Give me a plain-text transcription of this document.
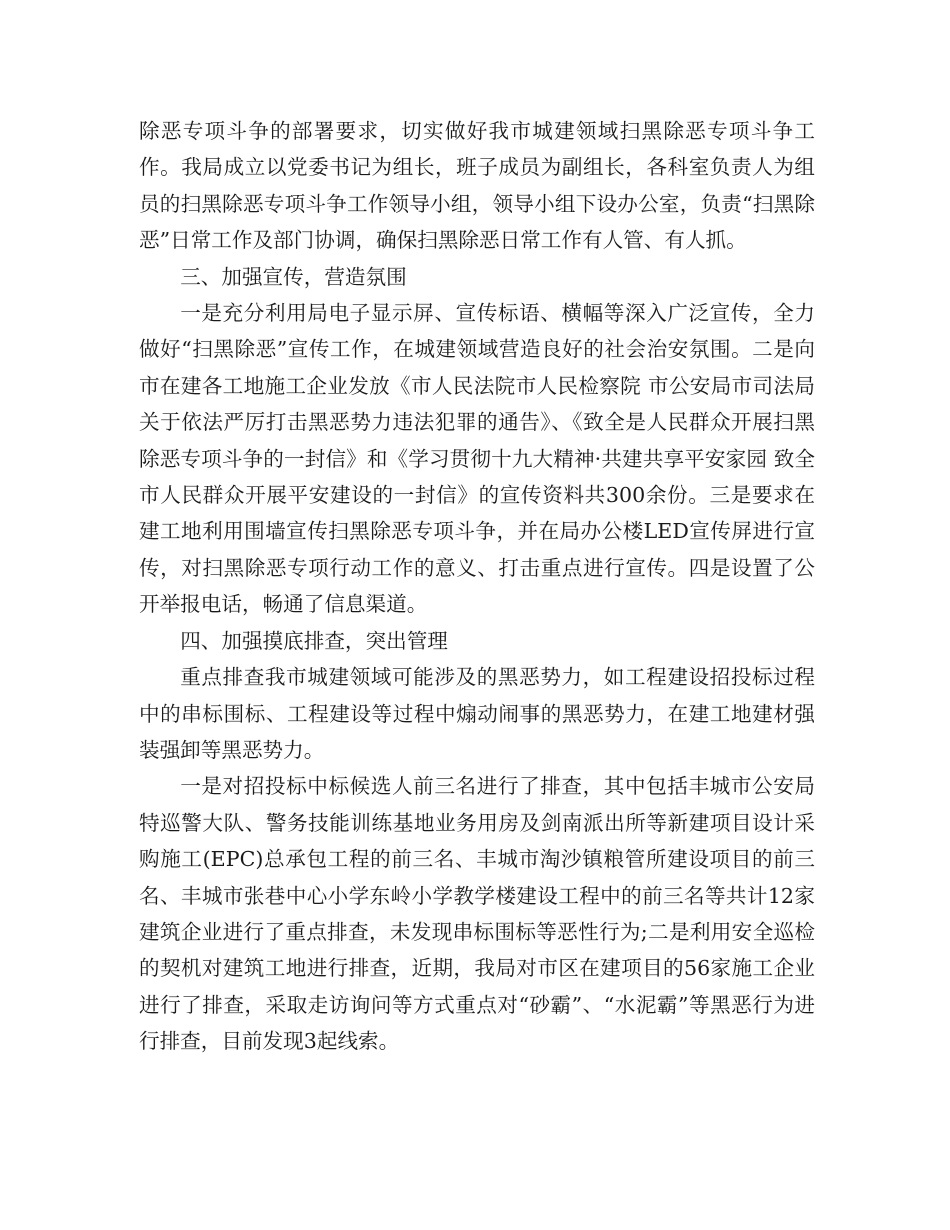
除恶专项斗争的部署要求，切实做好我市城建领域扫黑除恶专项斗争工作。我局成立以党委书记为组长，班子成员为副组长，各科室负责人为组员的扫黑除恶专项斗争工作领导小组，领导小组下设办公室，负责“扫黑除恶”日常工作及部门协调，确保扫黑除恶日常工作有人管、有人抓。

三、加强宣传，营造氛围

一是充分利用局电子显示屏、宣传标语、横幅等深入广泛宣传，全力做好“扫黑除恶”宣传工作，在城建领域营造良好的社会治安氛围。二是向市在建各工地施工企业发放《市人民法院市人民检察院 市公安局市司法局关于依法严厉打击黑恶势力违法犯罪的通告》、《致全是人民群众开展扫黑除恶专项斗争的一封信》和《学习贯彻十九大精神·共建共享平安家园 致全市人民群众开展平安建设的一封信》的宣传资料共300余份。三是要求在建工地利用围墙宣传扫黑除恶专项斗争，并在局办公楼LED宣传屏进行宣传，对扫黑除恶专项行动工作的意义、打击重点进行宣传。四是设置了公开举报电话，畅通了信息渠道。

四、加强摸底排查，突出管理

重点排查我市城建领域可能涉及的黑恶势力，如工程建设招投标过程中的串标围标、工程建设等过程中煽动闹事的黑恶势力，在建工地建材强装强卸等黑恶势力。

一是对招投标中标候选人前三名进行了排查，其中包括丰城市公安局特巡警大队、警务技能训练基地业务用房及剑南派出所等新建项目设计采购施工(EPC)总承包工程的前三名、丰城市淘沙镇粮管所建设项目的前三名、丰城市张巷中心小学东岭小学教学楼建设工程中的前三名等共计12家建筑企业进行了重点排查，未发现串标围标等恶性行为;二是利用安全巡检的契机对建筑工地进行排查，近期，我局对市区在建项目的56家施工企业进行了排查，采取走访询问等方式重点对“砂霸”、“水泥霸”等黑恶行为进行排查，目前发现3起线索。
